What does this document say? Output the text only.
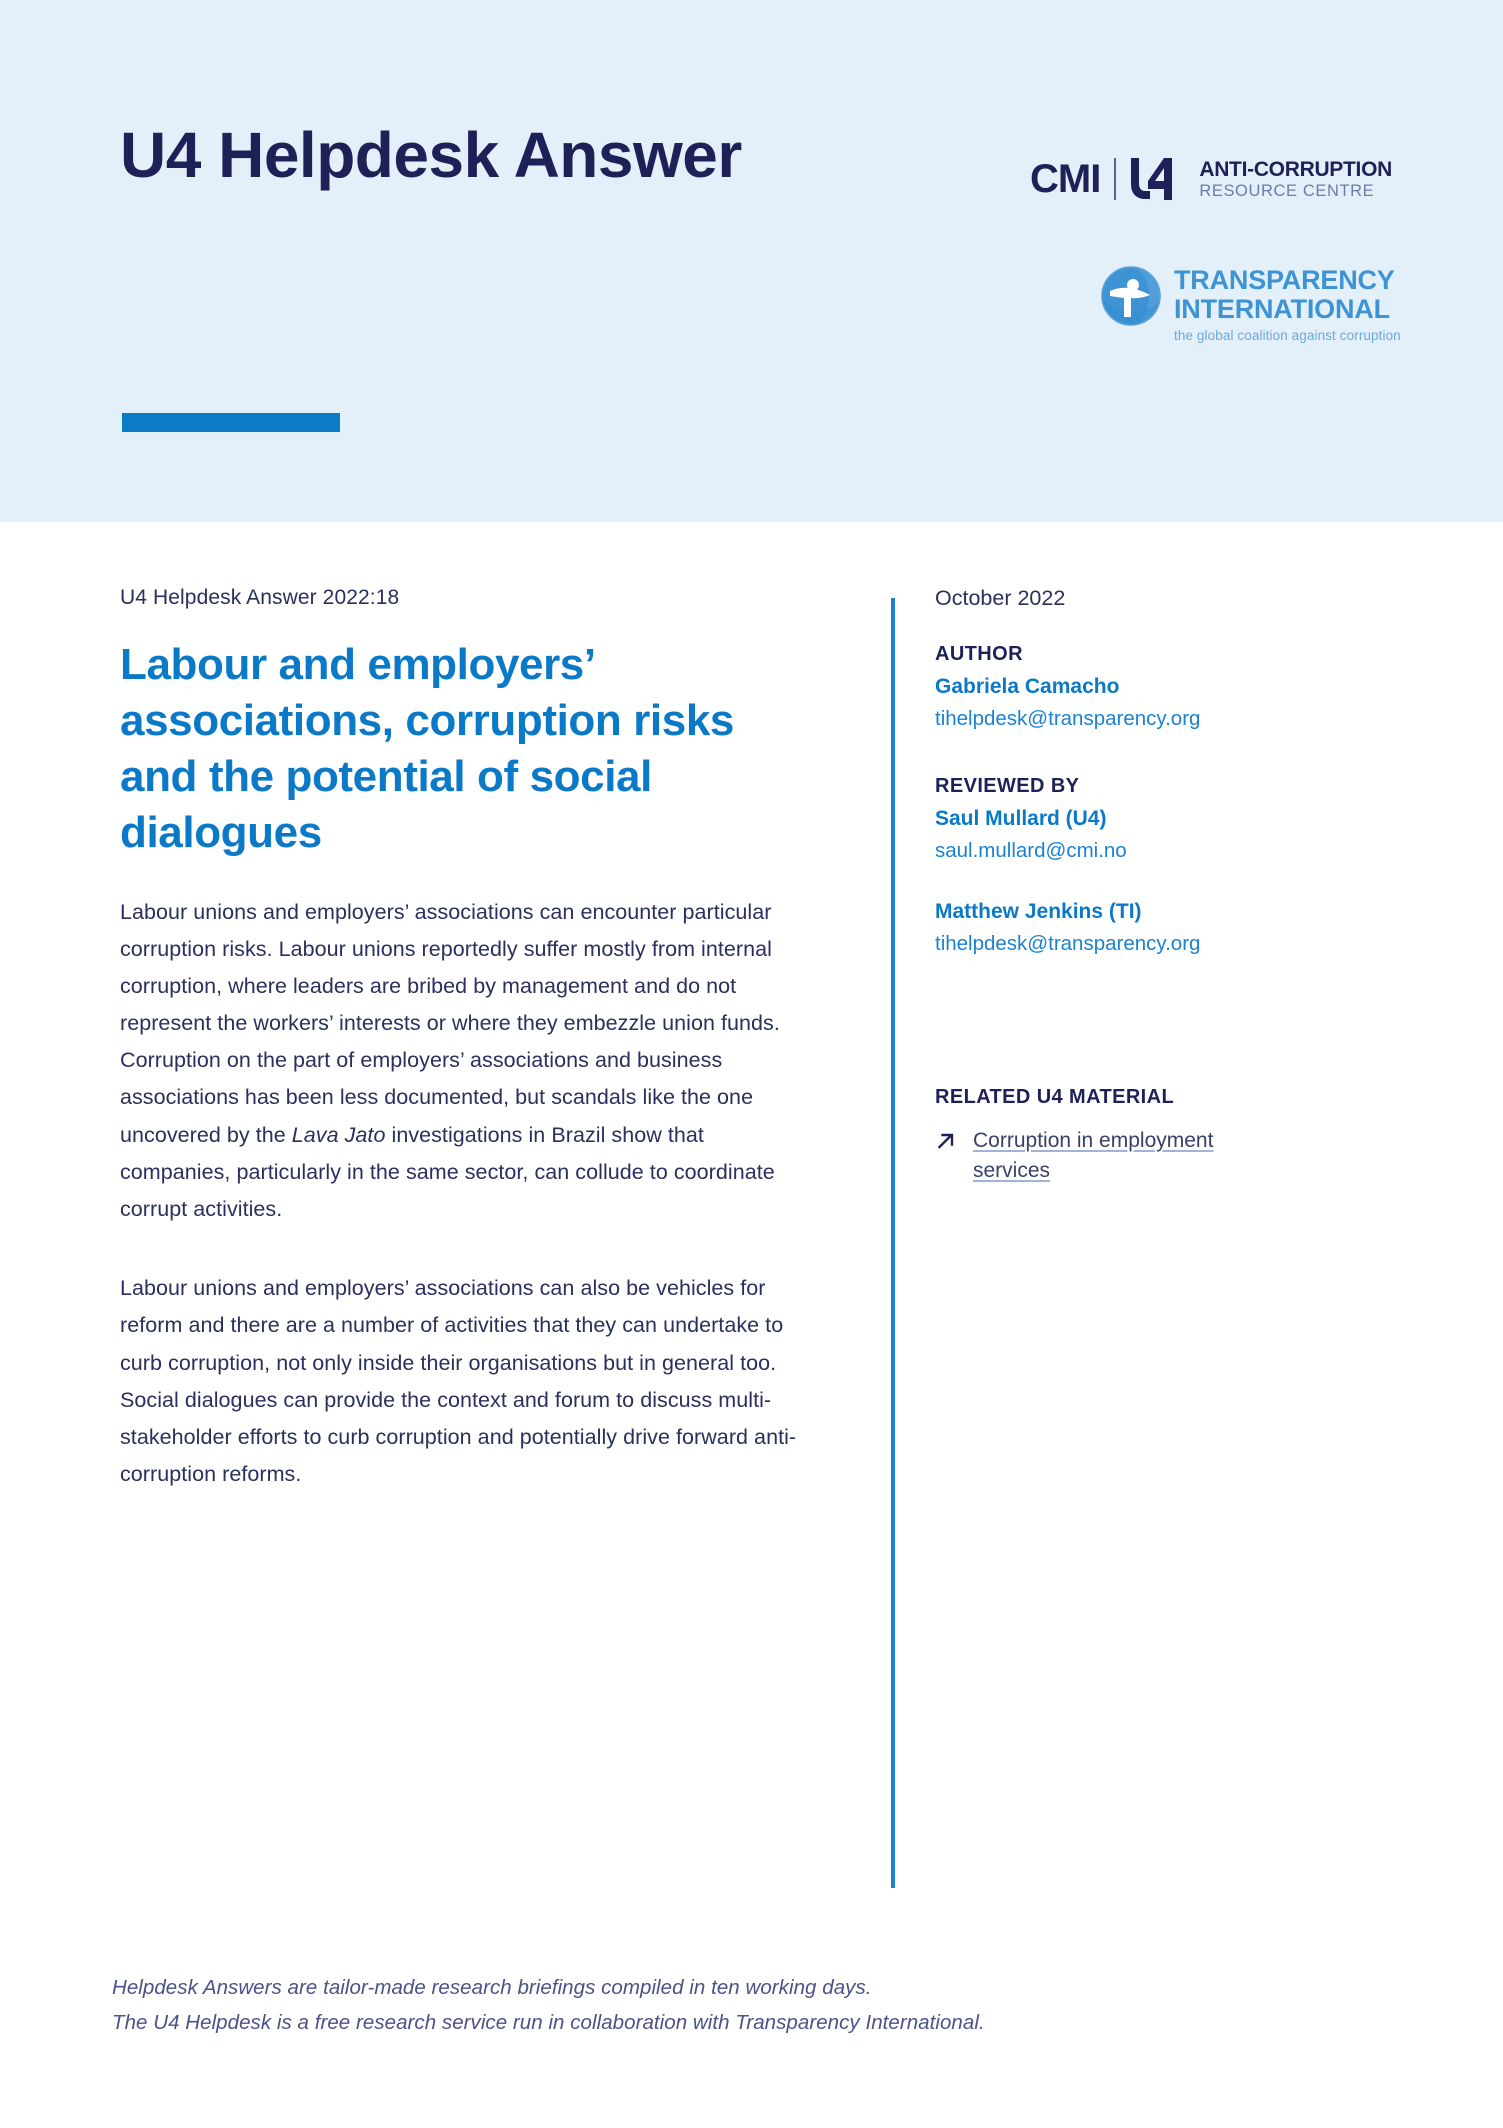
U4 Helpdesk Answer	CMI	ANTI-CORRUPTION
RESOURCE CENTRE
TRANSPARENCY
INTERNATIONAL
the global coalition against corruption
U4 Helpdesk Answer 2022:18
Labour and employers’ associations, corruption risks and the potential of social dialogues

Labour unions and employers’ associations can encounter particular corruption risks. Labour unions reportedly suffer mostly from internal corruption, where leaders are bribed by management and do not represent the workers’ interests or where they embezzle union funds. Corruption on the part of employers’ associations and business associations has been less documented, but scandals like the one uncovered by the Lava Jato investigations in Brazil show that companies, particularly in the same sector, can collude to coordinate corrupt activities.

Labour unions and employers’ associations can also be vehicles for reform and there are a number of activities that they can undertake to curb corruption, not only inside their organisations but in general too. Social dialogues can provide the context and forum to discuss multi-stakeholder efforts to curb corruption and potentially drive forward anti-corruption reforms.

October 2022
AUTHOR
Gabriela Camacho
tihelpdesk@transparency.org
REVIEWED BY
Saul Mullard (U4)
saul.mullard@cmi.no
Matthew Jenkins (TI)
tihelpdesk@transparency.org
RELATED U4 MATERIAL
Corruption in employment services
Helpdesk Answers are tailor-made research briefings compiled in ten working days.
The U4 Helpdesk is a free research service run in collaboration with Transparency International.
